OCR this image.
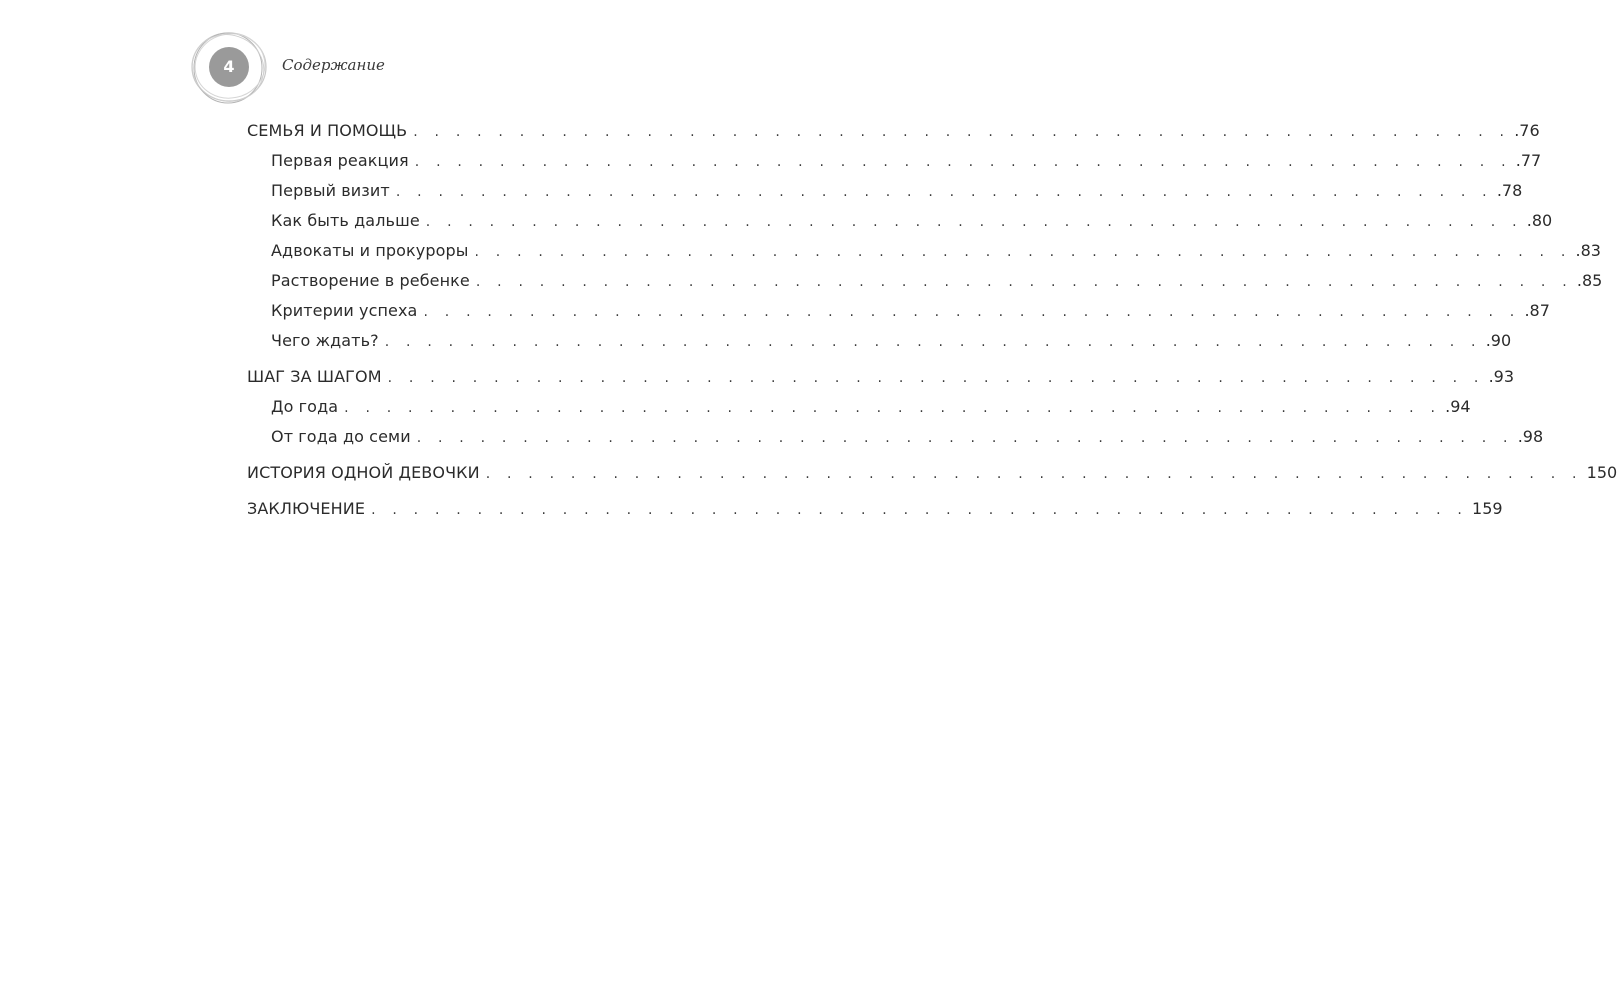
4	Содержание
СЕМЬЯ И ПОМОЩЬ . . . . . . . . . . . . . . . . . . . . . . . . . . . . . . . . . . . . . . . . . . . . . . . . . . . . .76
Первая реакция . . . . . . . . . . . . . . . . . . . . . . . . . . . . . . . . . . . . . . . . . . . . . . . . . . . . .77
Первый визит . . . . . . . . . . . . . . . . . . . . . . . . . . . . . . . . . . . . . . . . . . . . . . . . . . . . .78
Как быть дальше . . . . . . . . . . . . . . . . . . . . . . . . . . . . . . . . . . . . . . . . . . . . . . . . . . . . .80
Адвокаты и прокуроры . . . . . . . . . . . . . . . . . . . . . . . . . . . . . . . . . . . . . . . . . . . . . . . . . . . . .83
Растворение в ребенке . . . . . . . . . . . . . . . . . . . . . . . . . . . . . . . . . . . . . . . . . . . . . . . . . . . . .85
Критерии успеха . . . . . . . . . . . . . . . . . . . . . . . . . . . . . . . . . . . . . . . . . . . . . . . . . . . . .87
Чего ждать? . . . . . . . . . . . . . . . . . . . . . . . . . . . . . . . . . . . . . . . . . . . . . . . . . . . . .90
ШАГ ЗА ШАГОМ . . . . . . . . . . . . . . . . . . . . . . . . . . . . . . . . . . . . . . . . . . . . . . . . . . . . .93
До года . . . . . . . . . . . . . . . . . . . . . . . . . . . . . . . . . . . . . . . . . . . . . . . . . . . . .94
От года до семи . . . . . . . . . . . . . . . . . . . . . . . . . . . . . . . . . . . . . . . . . . . . . . . . . . . . .98
ИСТОРИЯ ОДНОЙ ДЕВОЧКИ . . . . . . . . . . . . . . . . . . . . . . . . . . . . . . . . . . . . . . . . . . . . . . . . . . . . 150
ЗАКЛЮЧЕНИЕ . . . . . . . . . . . . . . . . . . . . . . . . . . . . . . . . . . . . . . . . . . . . . . . . . . . . 159
